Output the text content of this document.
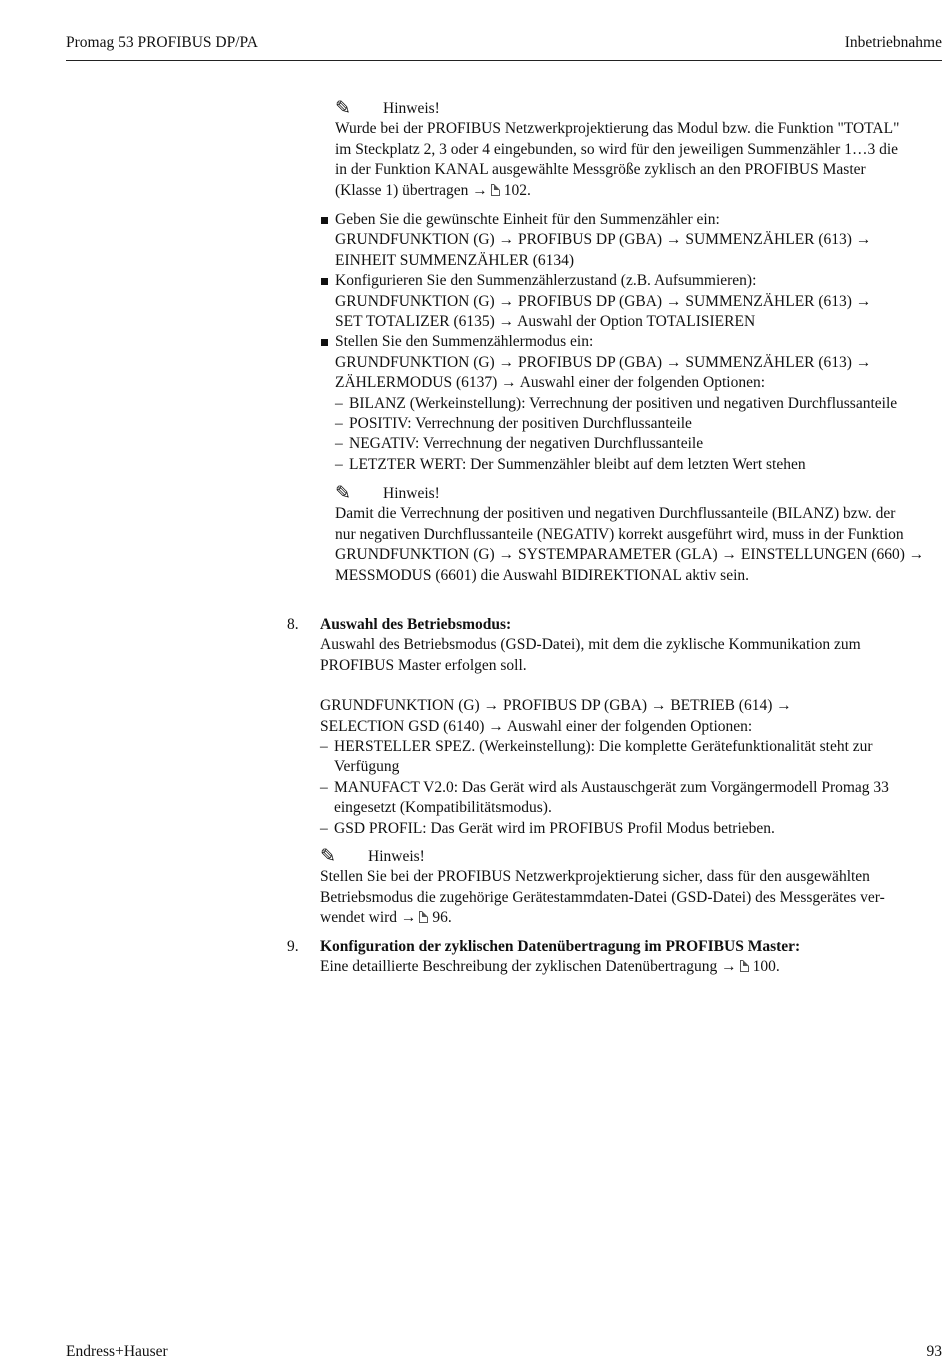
Promag 53 PROFIBUS DP/PA	Inbetriebnahme
✎	Hinweis!
Wurde bei der PROFIBUS Netzwerkprojektierung das Modul bzw. die Funktion "TOTAL"
im Steckplatz 2, 3 oder 4 eingebunden, so wird für den jeweiligen Summenzähler 1…3 die
in der Funktion KANAL ausgewählte Messgröße zyklisch an den PROFIBUS Master
(Klasse 1) übertragen → 102.
Geben Sie die gewünschte Einheit für den Summenzähler ein:
GRUNDFUNKTION (G) → PROFIBUS DP (GBA) → SUMMENZÄHLER (613) →
EINHEIT SUMMENZÄHLER (6134)
Konfigurieren Sie den Summenzählerzustand (z.B. Aufsummieren):
GRUNDFUNKTION (G) → PROFIBUS DP (GBA) → SUMMENZÄHLER (613) →
SET TOTALIZER (6135) → Auswahl der Option TOTALISIEREN
Stellen Sie den Summenzählermodus ein:
GRUNDFUNKTION (G) → PROFIBUS DP (GBA) → SUMMENZÄHLER (613) →
ZÄHLERMODUS (6137) → Auswahl einer der folgenden Optionen:
– BILANZ (Werkeinstellung): Verrechnung der positiven und negativen Durchflussanteile
– POSITIV: Verrechnung der positiven Durchflussanteile
– NEGATIV: Verrechnung der negativen Durchflussanteile
– LETZTER WERT: Der Summenzähler bleibt auf dem letzten Wert stehen
✎	Hinweis!
Damit die Verrechnung der positiven und negativen Durchflussanteile (BILANZ) bzw. der
nur negativen Durchflussanteile (NEGATIV) korrekt ausgeführt wird, muss in der Funktion
GRUNDFUNKTION (G) → SYSTEMPARAMETER (GLA) → EINSTELLUNGEN (660) →
MESSMODUS (6601) die Auswahl BIDIREKTIONAL aktiv sein.
8. Auswahl des Betriebsmodus:
Auswahl des Betriebsmodus (GSD-Datei), mit dem die zyklische Kommunikation zum
PROFIBUS Master erfolgen soll.
GRUNDFUNKTION (G) → PROFIBUS DP (GBA) → BETRIEB (614) →
SELECTION GSD (6140) → Auswahl einer der folgenden Optionen:
– HERSTELLER SPEZ. (Werkeinstellung): Die komplette Gerätefunktionalität steht zur
Verfügung
– MANUFACT V2.0: Das Gerät wird als Austauschgerät zum Vorgängermodell Promag 33
eingesetzt (Kompatibilitätsmodus).
– GSD PROFIL: Das Gerät wird im PROFIBUS Profil Modus betrieben.
✎	Hinweis!
Stellen Sie bei der PROFIBUS Netzwerkprojektierung sicher, dass für den ausgewählten
Betriebsmodus die zugehörige Gerätestammdaten-Datei (GSD-Datei) des Messgerätes ver-
wendet wird → 96.
9. Konfiguration der zyklischen Datenübertragung im PROFIBUS Master:
Eine detaillierte Beschreibung der zyklischen Datenübertragung → 100.
Endress+Hauser	93
